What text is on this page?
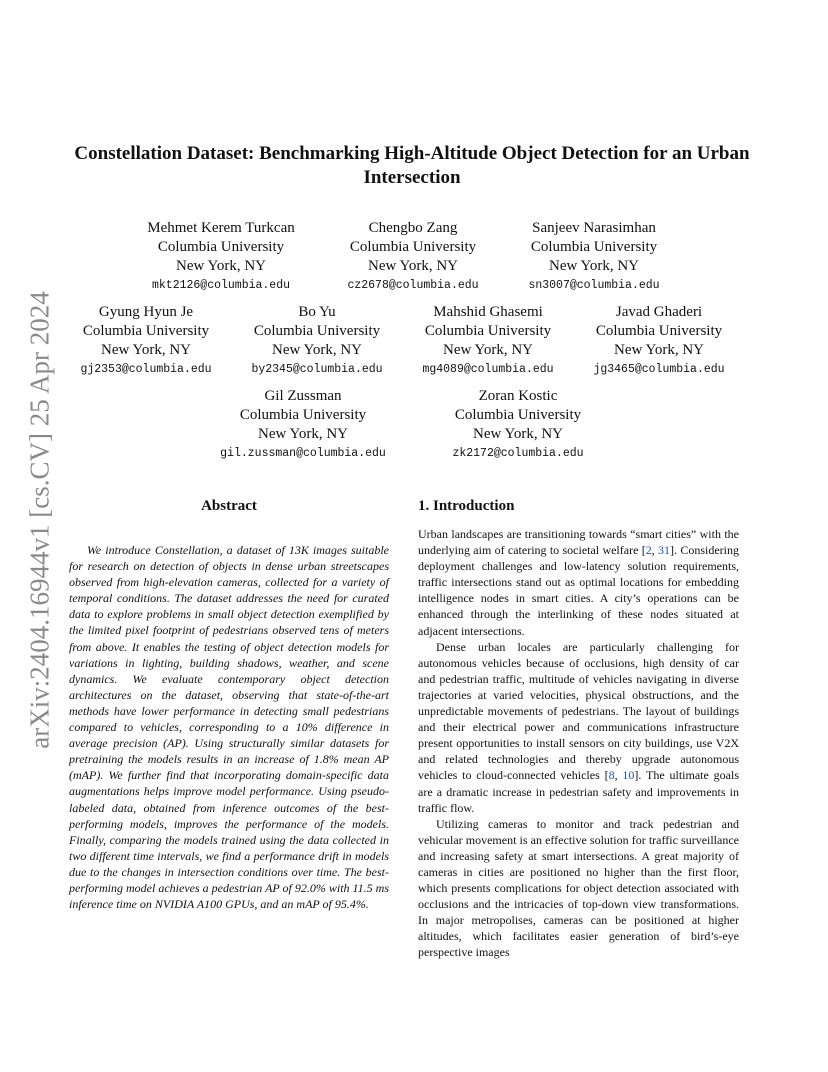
arXiv:2404.16944v1 [cs.CV] 25 Apr 2024
Constellation Dataset: Benchmarking High-Altitude Object Detection for an Urban Intersection
Mehmet Kerem Turkcan
Columbia University
New York, NY
mkt2126@columbia.edu
Chengbo Zang
Columbia University
New York, NY
cz2678@columbia.edu
Sanjeev Narasimhan
Columbia University
New York, NY
sn3007@columbia.edu
Gyung Hyun Je
Columbia University
New York, NY
gj2353@columbia.edu
Bo Yu
Columbia University
New York, NY
by2345@columbia.edu
Mahshid Ghasemi
Columbia University
New York, NY
mg4089@columbia.edu
Javad Ghaderi
Columbia University
New York, NY
jg3465@columbia.edu
Gil Zussman
Columbia University
New York, NY
gil.zussman@columbia.edu
Zoran Kostic
Columbia University
New York, NY
zk2172@columbia.edu
Abstract

We introduce Constellation, a dataset of 13K images suitable for research on detection of objects in dense urban streetscapes observed from high-elevation cameras, collected for a variety of temporal conditions. The dataset addresses the need for curated data to explore problems in small object detection exemplified by the limited pixel footprint of pedestrians observed tens of meters from above. It enables the testing of object detection models for variations in lighting, building shadows, weather, and scene dynamics. We evaluate contemporary object detection architectures on the dataset, observing that state-of-the-art methods have lower performance in detecting small pedestrians compared to vehicles, corresponding to a 10% difference in average precision (AP). Using structurally similar datasets for pretraining the models results in an increase of 1.8% mean AP (mAP). We further find that incorporating domain-specific data augmentations helps improve model performance. Using pseudo-labeled data, obtained from inference outcomes of the best-performing models, improves the performance of the models. Finally, comparing the models trained using the data collected in two different time intervals, we find a performance drift in models due to the changes in intersection conditions over time. The best-performing model achieves a pedestrian AP of 92.0% with 11.5 ms inference time on NVIDIA A100 GPUs, and an mAP of 95.4%.

1. Introduction

Urban landscapes are transitioning towards “smart cities” with the underlying aim of catering to societal welfare [2, 31]. Considering deployment challenges and low-latency solution requirements, traffic intersections stand out as optimal locations for embedding intelligence nodes in smart cities. A city’s operations can be enhanced through the interlinking of these nodes situated at adjacent intersections.

Dense urban locales are particularly challenging for autonomous vehicles because of occlusions, high density of car and pedestrian traffic, multitude of vehicles navigating in diverse trajectories at varied velocities, physical obstructions, and the unpredictable movements of pedestrians. The layout of buildings and their electrical power and communications infrastructure present opportunities to install sensors on city buildings, use V2X and related technologies and thereby upgrade autonomous vehicles to cloud-connected vehicles [8, 10]. The ultimate goals are a dramatic increase in pedestrian safety and improvements in traffic flow.

Utilizing cameras to monitor and track pedestrian and vehicular movement is an effective solution for traffic surveillance and increasing safety at smart intersections. A great majority of cameras in cities are positioned no higher than the first floor, which presents complications for object detection associated with occlusions and the intricacies of top-down view transformations. In major metropolises, cameras can be positioned at higher altitudes, which facilitates easier generation of bird’s-eye perspective images
